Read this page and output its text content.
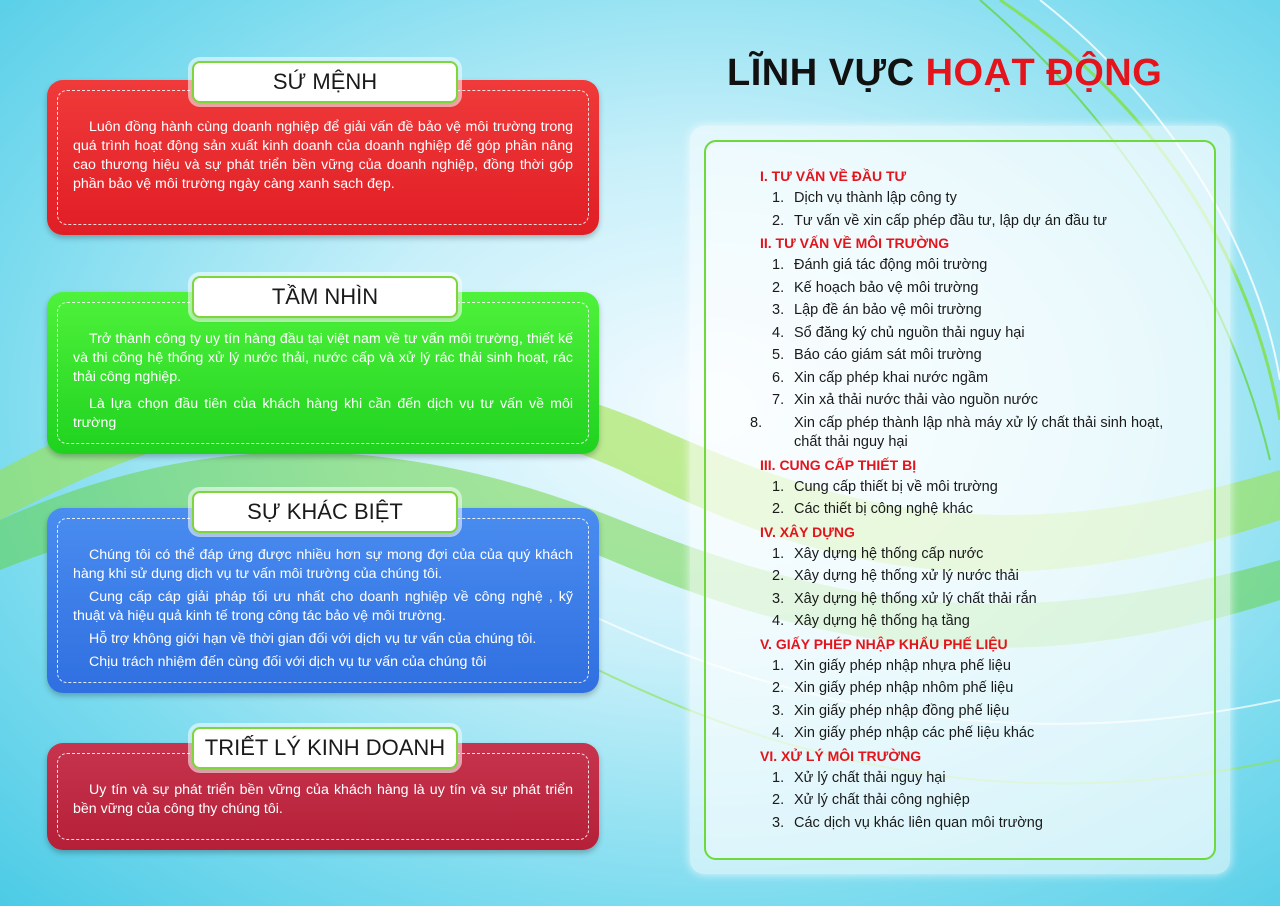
Luôn đồng hành cùng doanh nghiệp để giải vấn đề bảo vệ môi trường trong quá trình hoạt động sản xuất kinh doanh của doanh nghiệp để góp phần nâng cao thương hiệu và sự phát triển bền vững của doanh nghiệp, đồng thời góp phần bảo vệ môi trường ngày càng xanh sạch đẹp.

SỨ MỆNH

Trở thành công ty uy tín hàng đầu tại việt nam về tư vấn môi trường, thiết kế và thi công hệ thống xử lý nước thải, nước cấp và xử lý rác thải sinh hoạt, rác thải công nghiệp.

Là lựa chọn đầu tiên của khách hàng khi cần đến dịch vụ tư vấn về môi trường

TẦM NHÌN

Chúng tôi có thể đáp ứng được nhiều hơn sự mong đợi của của quý khách hàng khi sử dụng dịch vụ tư vấn môi trường của chúng tôi.

Cung cấp cáp giải pháp tối ưu nhất cho doanh nghiệp về công nghệ , kỹ thuật và hiệu quả kinh tế trong công tác bảo vệ môi trường.

Hỗ trợ không giới hạn về thời gian đối với dịch vụ tư vấn của chúng tôi.

Chịu trách nhiệm đến cùng đối với dịch vụ tư vấn của chúng tôi

SỰ KHÁC BIỆT

Uy tín và sự phát triển bền vững của khách hàng là uy tín và sự phát triển bền vững của công thy chúng tôi.

TRIẾT LÝ KINH DOANH
LĨNH VỰC HOẠT ĐỘNG
I. TƯ VẤN VỀ ĐẦU TƯ
1. Dịch vụ thành lập công ty
2. Tư vấn về xin cấp phép đầu tư, lập dự án đầu tư
II. TƯ VẤN VỀ MÔI TRƯỜNG
1. Đánh giá tác động môi trường
2. Kế hoạch bảo vệ môi trường
3. Lập đề án bảo vệ môi trường
4. Sổ đăng ký chủ nguồn thải nguy hại
5. Báo cáo giám sát môi trường
6. Xin cấp phép khai nước ngầm
7. Xin xả thải nước thải vào nguồn nước
8. Xin cấp phép thành lập nhà máy xử lý chất thải sinh hoạt, chất thải nguy hại
III. CUNG CẤP THIẾT BỊ
1. Cung cấp thiết bị về môi trường
2. Các thiết bị công nghệ khác
IV. XÂY DỰNG
1. Xây dựng hệ thống cấp nước
2. Xây dựng hệ thống xử lý nước thải
3. Xây dựng hệ thống xử lý chất thải rắn
4. Xây dựng hệ thống hạ tầng
V. GIẤY PHÉP NHẬP KHẨU PHẾ LIỆU
1. Xin giấy phép nhập nhựa phế liệu
2. Xin giấy phép nhập nhôm phế liệu
3. Xin giấy phép nhập đồng phế liệu
4. Xin giấy phép nhập các phế liệu khác
VI. XỬ LÝ MÔI TRƯỜNG
1. Xử lý chất thải nguy hại
2. Xử lý chất thải công nghiệp
3. Các dịch vụ khác liên quan môi trường
